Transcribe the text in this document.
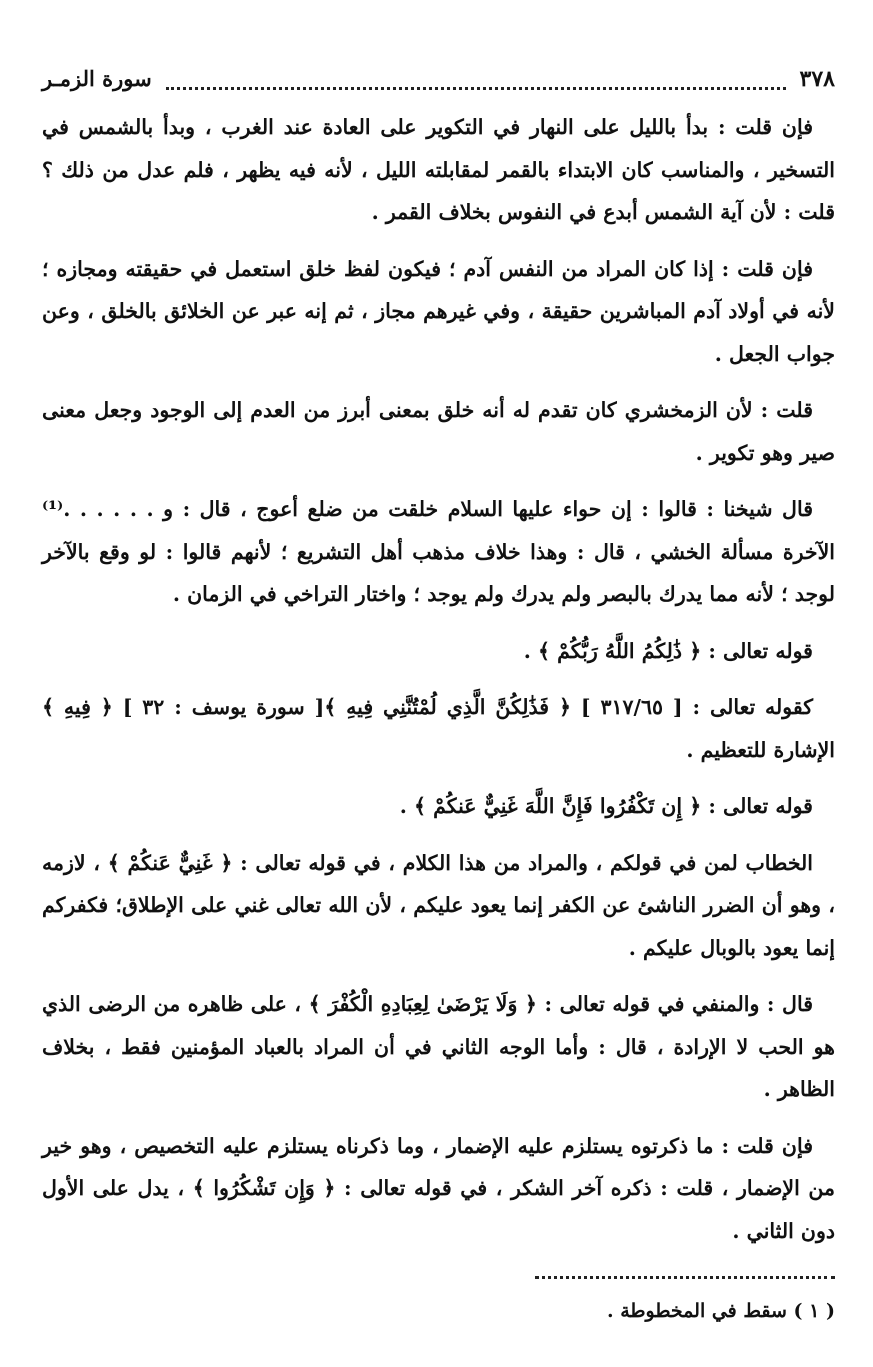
٣٧٨
سورة الزمـر

فإن قلت : بدأ بالليل على النهار في التكوير على العادة عند الغرب ، وبدأ بالشمس في التسخير ، والمناسب كان الابتداء بالقمر لمقابلته الليل ، لأنه فيه يظهر ، فلم عدل من ذلك ؟ قلت : لأن آية الشمس أبدع في النفوس بخلاف القمر .

فإن قلت : إذا كان المراد من النفس آدم ؛ فيكون لفظ خلق استعمل في حقيقته ومجازه ؛ لأنه في أولاد آدم المباشرين حقيقة ، وفي غيرهم مجاز ، ثم إنه عبر عن الخلائق بالخلق ، وعن جواب الجعل .

قلت : لأن الزمخشري كان تقدم له أنه خلق بمعنى أبرز من العدم إلى الوجود وجعل معنى صير وهو تكوير .

قال شيخنا : قالوا : إن حواء عليها السلام خلقت من ضلع أعوج ، قال : و . . . . . .⁽¹⁾ الآخرة مسألة الخشي ، قال : وهذا خلاف مذهب أهل التشريع ؛ لأنهم قالوا : لو وقع بالآخر لوجد ؛ لأنه مما يدرك بالبصر ولم يدرك ولم يوجد ؛ واختار التراخي في الزمان .

قوله تعالى : ﴿ ذَٰلِكُمُ اللَّهُ رَبُّكُمْ ﴾ .

كقوله تعالى : [ ٣١٧/٦٥ ] ﴿ فَذَٰلِكُنَّ الَّذِي لُمْتُنَّنِي فِيهِ ﴾[ سورة يوسف : ٣٢ ] ﴿ فِيهِ ﴾ الإشارة للتعظيم .

قوله تعالى : ﴿ إِن تَكْفُرُوا فَإِنَّ اللَّهَ غَنِيٌّ عَنكُمْ ﴾ .

الخطاب لمن في قولكم ، والمراد من هذا الكلام ، في قوله تعالى : ﴿ غَنِيٌّ عَنكُمْ ﴾ ، لازمه ، وهو أن الضرر الناشئ عن الكفر إنما يعود عليكم ، لأن الله تعالى غني على الإطلاق؛ فكفركم إنما يعود بالوبال عليكم .

قال : والمنفي في قوله تعالى : ﴿ وَلَا يَرْضَىٰ لِعِبَادِهِ الْكُفْرَ ﴾ ، على ظاهره من الرضى الذي هو الحب لا الإرادة ، قال : وأما الوجه الثاني في أن المراد بالعباد المؤمنين فقط ، بخلاف الظاهر .

فإن قلت : ما ذكرتوه يستلزم عليه الإضمار ، وما ذكرناه يستلزم عليه التخصيص ، وهو خير من الإضمار ، قلت : ذكره آخر الشكر ، في قوله تعالى : ﴿ وَإِن تَشْكُرُوا ﴾ ، يدل على الأول دون الثاني .

( ١ ) سقط في المخطوطة .
